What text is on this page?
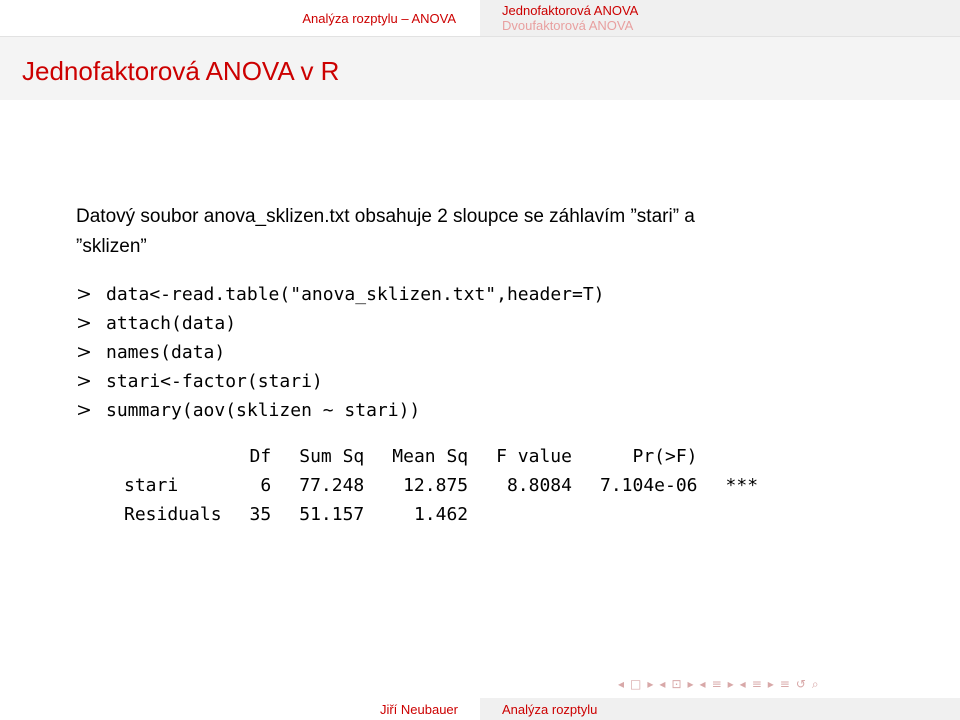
Analýza rozptylu – ANOVA	Jednofaktorová ANOVA
Dvoufaktorová ANOVA
Jednofaktorová ANOVA v R
Datový soubor anova_sklizen.txt obsahuje 2 sloupce se záhlavím ”stari” a
”sklizen”
> data<-read.table("anova_sklizen.txt",header=T)
> attach(data)
> names(data)
> stari<-factor(stari)
> summary(aov(sklizen ~ stari))
	Df	Sum Sq	Mean Sq	F value	Pr(>F)	
stari	6	77.248	12.875	8.8084	7.104e-06	***
Residuals	35	51.157	1.462			
◂ □ ▸ ◂ ⊡ ▸ ◂ ≡ ▸ ◂ ≡ ▸ ≡ ↺ ⌕
Jiří Neubauer	Analýza rozptylu
